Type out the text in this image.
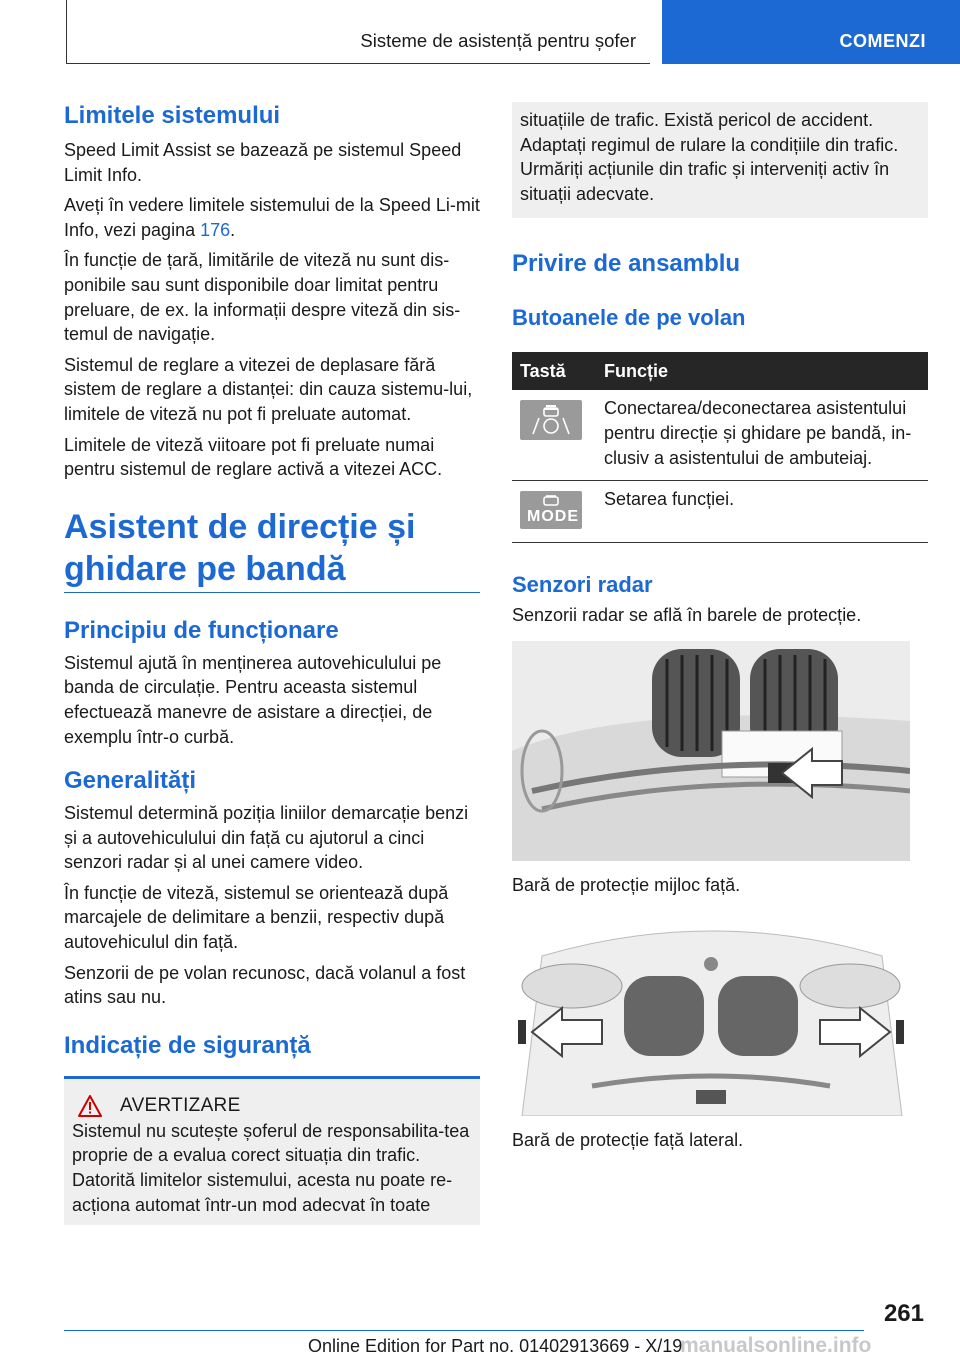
Sisteme de asistență pentru șofer	COMENZI
Limitele sistemului

Speed Limit Assist se bazează pe sistemul Speed Limit Info.

Aveți în vedere limitele sistemului de la Speed Li-mit Info, vezi pagina 176.

În funcție de țară, limitările de viteză nu sunt dis-ponibile sau sunt disponibile doar limitat pentru preluare, de ex. la informații despre viteză din sis-temul de navigație.

Sistemul de reglare a vitezei de deplasare fără sistem de reglare a distanței: din cauza sistemu-lui, limitele de viteză nu pot fi preluate automat.

Limitele de viteză viitoare pot fi preluate numai pentru sistemul de reglare activă a vitezei ACC.

Asistent de direcție și ghidare pe bandă
Principiu de funcționare

Sistemul ajută în menținerea autovehiculului pe banda de circulație. Pentru aceasta sistemul efectuează manevre de asistare a direcției, de exemplu într-o curbă.

Generalități

Sistemul determină poziția liniilor demarcație benzi și a autovehiculului din față cu ajutorul a cinci senzori radar și al unei camere video.

În funcție de viteză, sistemul se orientează după marcajele de delimitare a benzii, respectiv după autovehiculul din față.

Senzorii de pe volan recunosc, dacă volanul a fost atins sau nu.

Indicație de siguranță
AVERTIZARE

Sistemul nu scutește șoferul de responsabilita-tea proprie de a evalua corect situația din trafic. Datorită limitelor sistemului, acesta nu poate re-acționa automat într-un mod adecvat în toate

situațiile de trafic. Există pericol de accident. Adaptați regimul de rulare la condițiile din trafic. Urmăriți acțiunile din trafic și interveniți activ în situații adecvate.

Privire de ansamblu
Butoanele de pe volan
Tastă	Funcție

	Conectarea/deconectarea asistentului pentru direcție și ghidare pe bandă, in-clusiv a asistentului de ambuteiaj.

MODE	Setarea funcției.
Senzori radar

Senzorii radar se află în barele de protecție.

Bară de protecție mijloc față.

Bară de protecție față lateral.

261
Online Edition for Part no. 01402913669 - X/19
manualsonline.info
